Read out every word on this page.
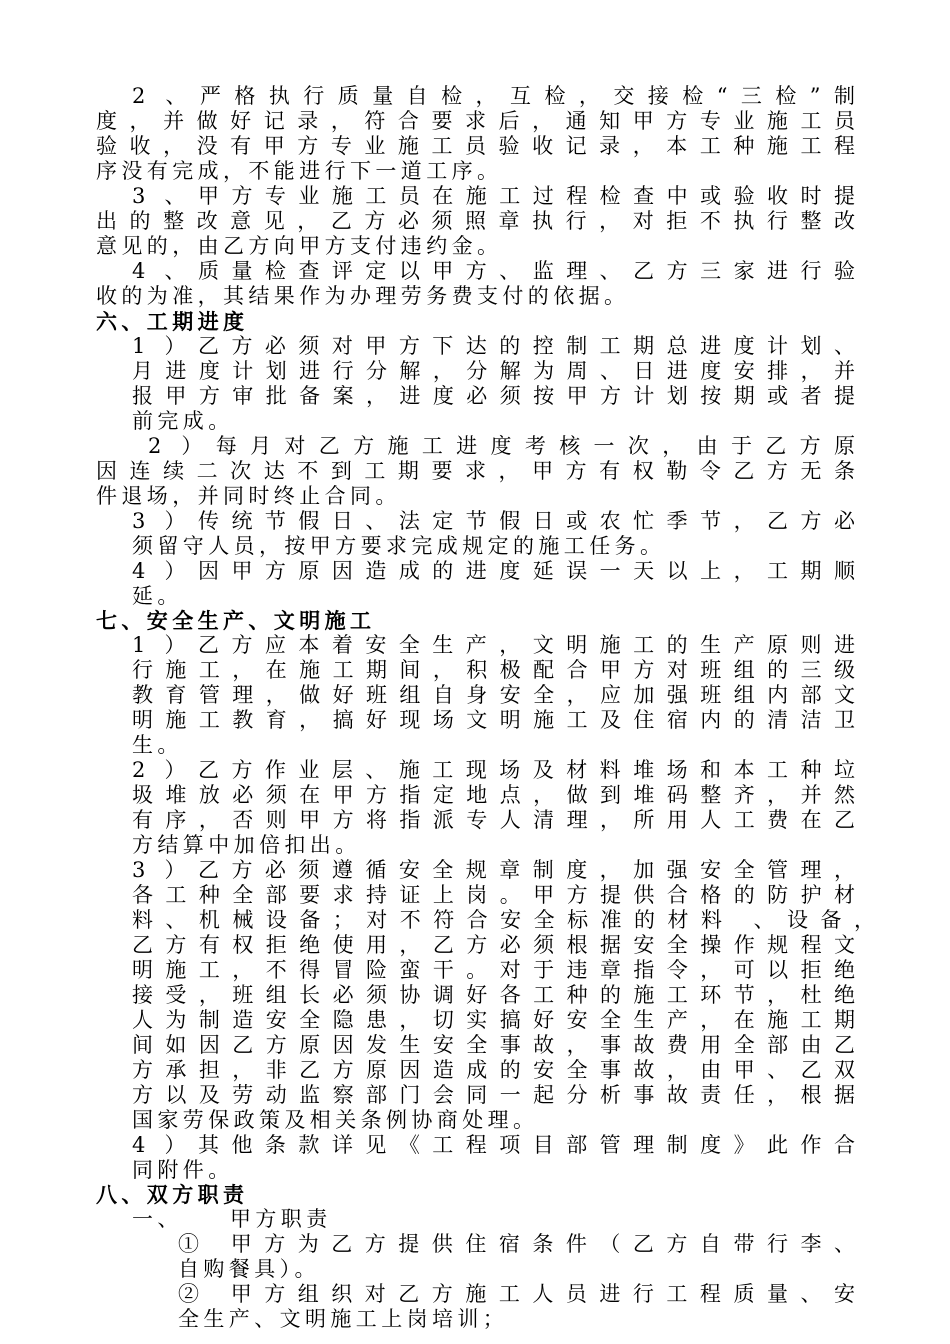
2 、严格执行质量自检，互检，交接检“三检”制
度，并做好记录，符合要求后，通知甲方专业施工员
验收，没有甲方专业施工员验收记录，本工种施工程
序没有完成，不能进行下一道工序。
3 、甲方专业施工员在施工过程检查中或验收时提
出的整改意见，乙方必须照章执行，对拒不执行整改
意见的，由乙方向甲方支付违约金。
4 、质量检查评定以甲方、监理、乙方三家进行验
收的为准，其结果作为办理劳务费支付的依据。
六、工期进度
1 ）乙方必须对甲方下达的控制工期总进度计划、
月进度计划进行分解，分解为周、日进度安排，并
报甲方审批备案，进度必须按甲方计划按期或者提
前完成。
2 ）每月对乙方施工进度考核一次，由于乙方原
因连续二次达不到工期要求，甲方有权勒令乙方无条
件退场，并同时终止合同。
3 ）传统节假日、法定节假日或农忙季节，乙方必
须留守人员，按甲方要求完成规定的施工任务。
4 ）因甲方原因造成的进度延误一天以上，工期顺
延。
七、安全生产、文明施工
1 ）乙方应本着安全生产，文明施工的生产原则进
行施工，在施工期间，积极配合甲方对班组的三级
教育管理，做好班组自身安全，应加强班组内部文
明施工教育，搞好现场文明施工及住宿内的清洁卫
生。
2 ）乙方作业层、施工现场及材料堆场和本工种垃
圾堆放必须在甲方指定地点，做到堆码整齐，并然
有序，否则甲方将指派专人清理，所用人工费在乙
方结算中加倍扣出。
3 ）乙方必须遵循安全规章制度，加强安全管理，
各工种全部要求持证上岗。甲方提供合格的防护材
料、机械设备；对不符合安全标准的材料 、设备，
乙方有权拒绝使用，乙方必须根据安全操作规程文
明施工，不得冒险蛮干。对于违章指令，可以拒绝
接受，班组长必须协调好各工种的施工环节，杜绝
人为制造安全隐患，切实搞好安全生产，在施工期
间如因乙方原因发生安全事故，事故费用全部由乙
方承担，非乙方原因造成的安全事故，由甲、乙双
方以及劳动监察部门会同一起分析事故责任，根据
国家劳保政策及相关条例协商处理。
4 ）其他条款详见《工程项目部管理制度》此作合
同附件。
八、双方职责
一、 甲方职责
① 甲方为乙方提供住宿条件（乙方自带行李、
自购餐具）。
② 甲方组织对乙方施工人员进行工程质量、安
全生产、文明施工上岗培训；
